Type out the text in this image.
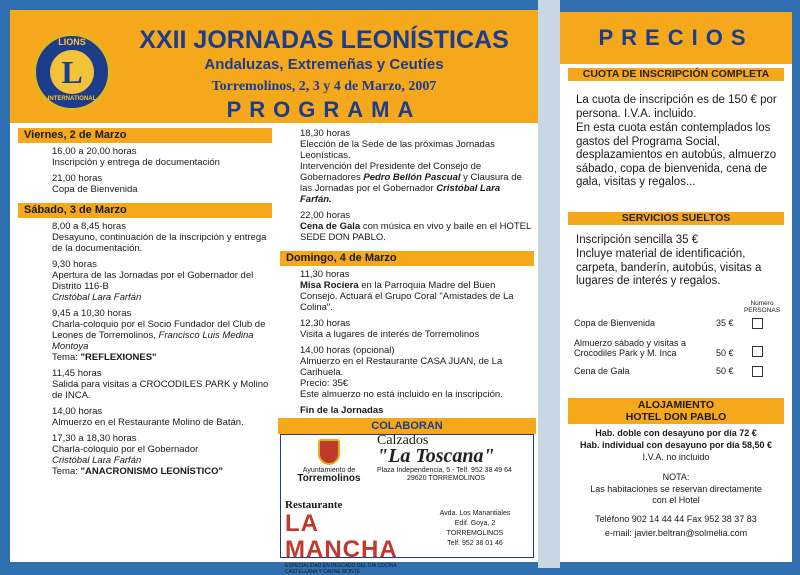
LIONS
L
INTERNATIONAL
XXII JORNADAS LEONÍSTICAS
Andaluzas, Extremeñas y Ceutíes
Torremolinos, 2, 3 y 4 de Marzo, 2007
PROGRAMA
Viernes, 2 de Marzo
16,00 a 20,00 horas
Inscripción y entrega de documentación
21,00 horas
Copa de Bienvenida
Sábado, 3 de Marzo
8,00 a 8,45 horas
Desayuno, continuación de la inscripción y entrega de la documentación.
9,30 horas
Apertura de las Jornadas por el Gobernador del Distrito 116-B
Cristóbal Lara Farfán
9,45 a 10,30 horas
Charla-coloquio por el Socio Fundador del Club de Leones de Torremolinos, Francisco Luis Medina Montoya
Tema: "REFLEXIONES"
11,45 horas
Salida para visitas a CROCODILES PARK y Molino de INCA.
14,00 horas
Almuerzo en el Restaurante Molino de Batán.
17,30 a 18,30 horas
Charla-coloquio por el Gobernador
Cristóbal Lara Farfán
Tema: "ANACRONISMO LEONÍSTICO"
18,30 horas
Elección de la Sede de las próximas Jornadas Leonísticas.
Intervención del Presidente del Consejo de Gobernadores Pedro Bellón Pascual y Clausura de las Jornadas por el Gobernador Cristóbal Lara Farfán.
22,00 horas
Cena de Gala con música en vivo y baile en el HOTEL SEDE DON PABLO.
Domingo, 4 de Marzo
11,30 horas
Misa Rociera en la Parroquia Madre del Buen Consejo. Actuará el Grupo Coral "Amistades de La Colina".
12,30 horas
Visita a lugares de interés de Torremolinos
14,00 horas (opcional)
Almuerzo en el Restaurante CASA JUAN, de La Carihuela.
Precio: 35€
Este almuerzo no está incluido en la inscripción.
Fin de la Jornadas
COLABORAN
Ayuntamiento de
Torremolinos
Calzados
"La Toscana"
Plaza Independencia, 5 - Telf. 952 38 49 64
29620 TORREMOLINOS
Restaurante
LA MANCHA
ESPECIALIDAD EN PESCADO DEL DÍA COCINA CASTELLANA Y CARNE MONTE
Avda. Los Manantiales
Edif. Goya, 2
TORREMOLINOS
Telf. 952 38 01 46
PRECIOS
CUOTA DE INSCRIPCIÓN COMPLETA
La cuota de inscripción es de 150 € por persona. I.V.A. incluido.
En esta cuota están contemplados los gastos del Programa Social, desplazamientos en autobús, almuerzo sábado, copa de bienvenida, cena de gala, visitas y regalos...
SERVICIOS SUELTOS
Inscripción sencilla 35 €
Incluye material de identificación, carpeta, banderín, autobús, visitas a lugares de interés y regalos.
Número PERSONAS
Copa de Bienvenida	35 €
Almuerzo sábado y visitas a Crocodiles Park y M. Inca	50 €
Cena de Gala	50 €
ALOJAMIENTO
HOTEL DON PABLO
Hab. doble con desayuno por día 72 €
Hab. individual con desayuno por día 58,50 €
I.V.A. no incluido
NOTA:
Las habitaciones se reservan directamente con el Hotel
Teléfono 902 14 44 44 Fax 952 38 37 83
e-mail: javier.beltran@solmelia.com
